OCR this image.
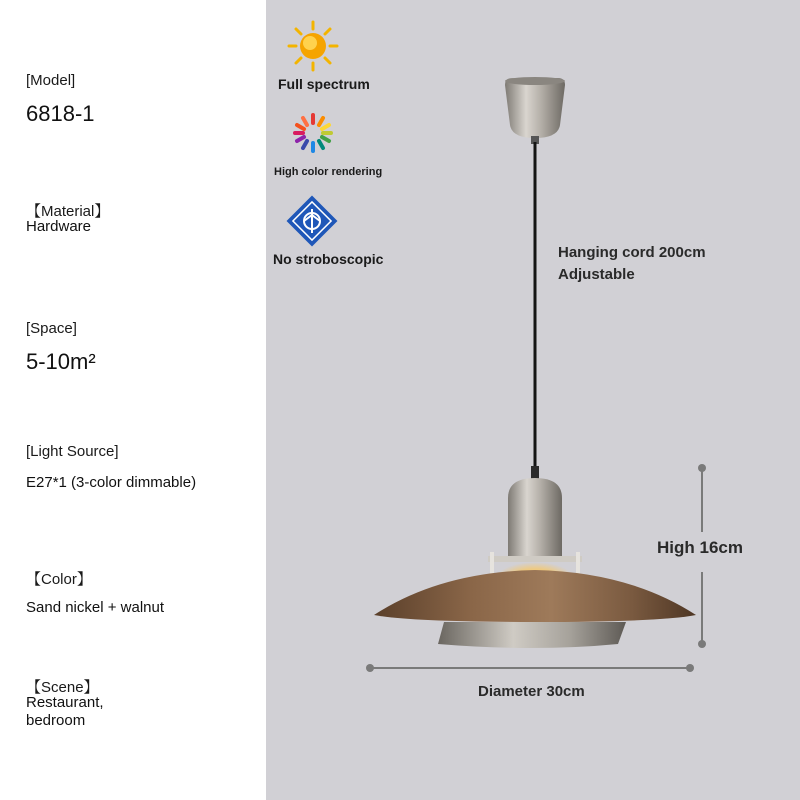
[Model]
6818-1
【Material】
Hardware
[Space]
5-10m²
[Light Source]
E27*1 (3-color dimmable)
【Color】
Sand nickel + walnut
【Scene】
Restaurant,
bedroom
Full spectrum
High color rendering
No stroboscopic	Hanging cord 200cm
Adjustable
High 16cm
Diameter 30cm
